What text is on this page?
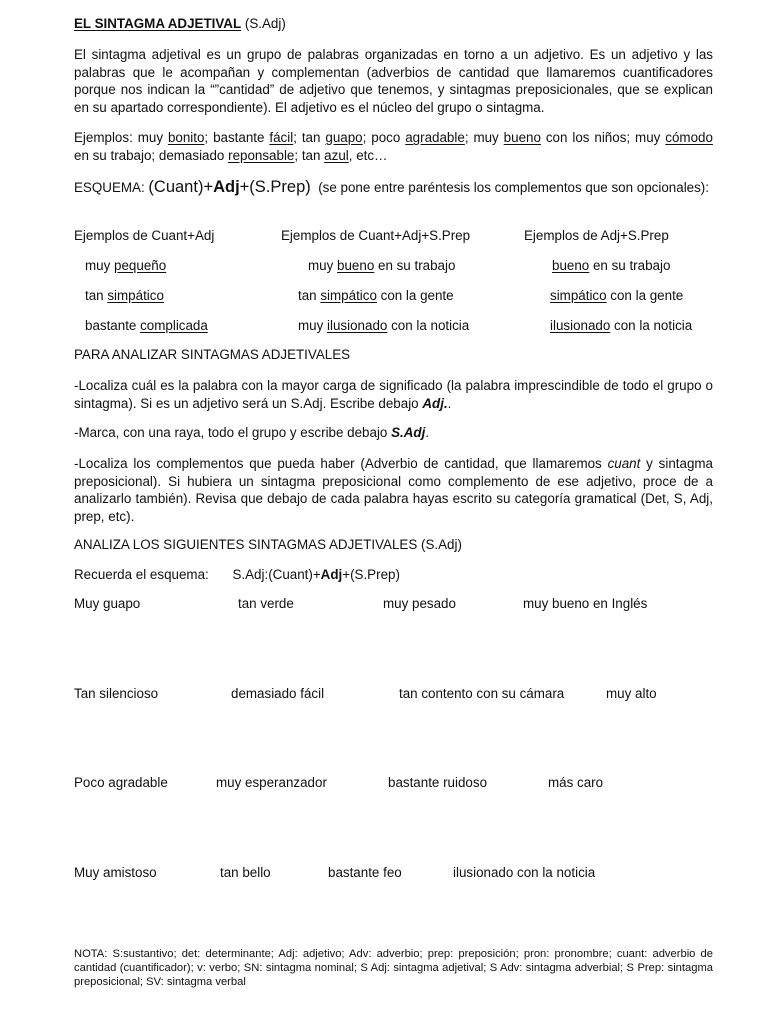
EL SINTAGMA ADJETIVAL (S.Adj)

El sintagma adjetival es un grupo de palabras organizadas en torno a un adjetivo. Es un adjetivo y las palabras que le acompañan y complementan (adverbios de cantidad que llamaremos cuantificadores porque nos indican la “”cantidad” de adjetivo que tenemos, y sintagmas preposicionales, que se explican en su apartado correspondiente). El adjetivo es el núcleo del grupo o sintagma.

Ejemplos: muy bonito; bastante fácil; tan guapo; poco agradable; muy bueno con los niños; muy cómodo en su trabajo; demasiado reponsable; tan azul, etc…

ESQUEMA: (Cuant)+Adj+(S.Prep) (se pone entre paréntesis los complementos que son opcionales):

Ejemplos de Cuant+Adj	Ejemplos de Cuant+Adj+S.Prep	Ejemplos de Adj+S.Prep
muy pequeño	muy bueno en su trabajo	bueno en su trabajo
tan simpático	tan simpático con la gente	simpático con la gente
bastante complicada	muy ilusionado con la noticia	ilusionado con la noticia
PARA ANALIZAR SINTAGMAS ADJETIVALES

-Localiza cuál es la palabra con la mayor carga de significado (la palabra imprescindible de todo el grupo o sintagma). Si es un adjetivo será un S.Adj. Escribe debajo Adj..

-Marca, con una raya, todo el grupo y escribe debajo S.Adj.

-Localiza los complementos que pueda haber (Adverbio de cantidad, que llamaremos cuant y sintagma preposicional). Si hubiera un sintagma preposicional como complemento de ese adjetivo, proce de a analizarlo también). Revisa que debajo de cada palabra hayas escrito su categoría gramatical (Det, S, Adj, prep, etc).

ANALIZA LOS SIGUIENTES SINTAGMAS ADJETIVALES (S.Adj)
Recuerda el esquema: S.Adj:(Cuant)+Adj+(S.Prep)
Muy guapo	tan verde	muy pesado	muy bueno en Inglés
Tan silencioso	demasiado fácil	tan contento con su cámara	muy alto
Poco agradable	muy esperanzador	bastante ruidoso	más caro
Muy amistoso	tan bello	bastante feo	ilusionado con la noticia

NOTA: S:sustantivo; det: determinante; Adj: adjetivo; Adv: adverbio; prep: preposición; pron: pronombre; cuant: adverbio de cantidad (cuantificador); v: verbo; SN: sintagma nominal; S Adj: sintagma adjetival; S Adv: sintagma adverbial; S Prep: sintagma preposicional; SV: sintagma verbal
